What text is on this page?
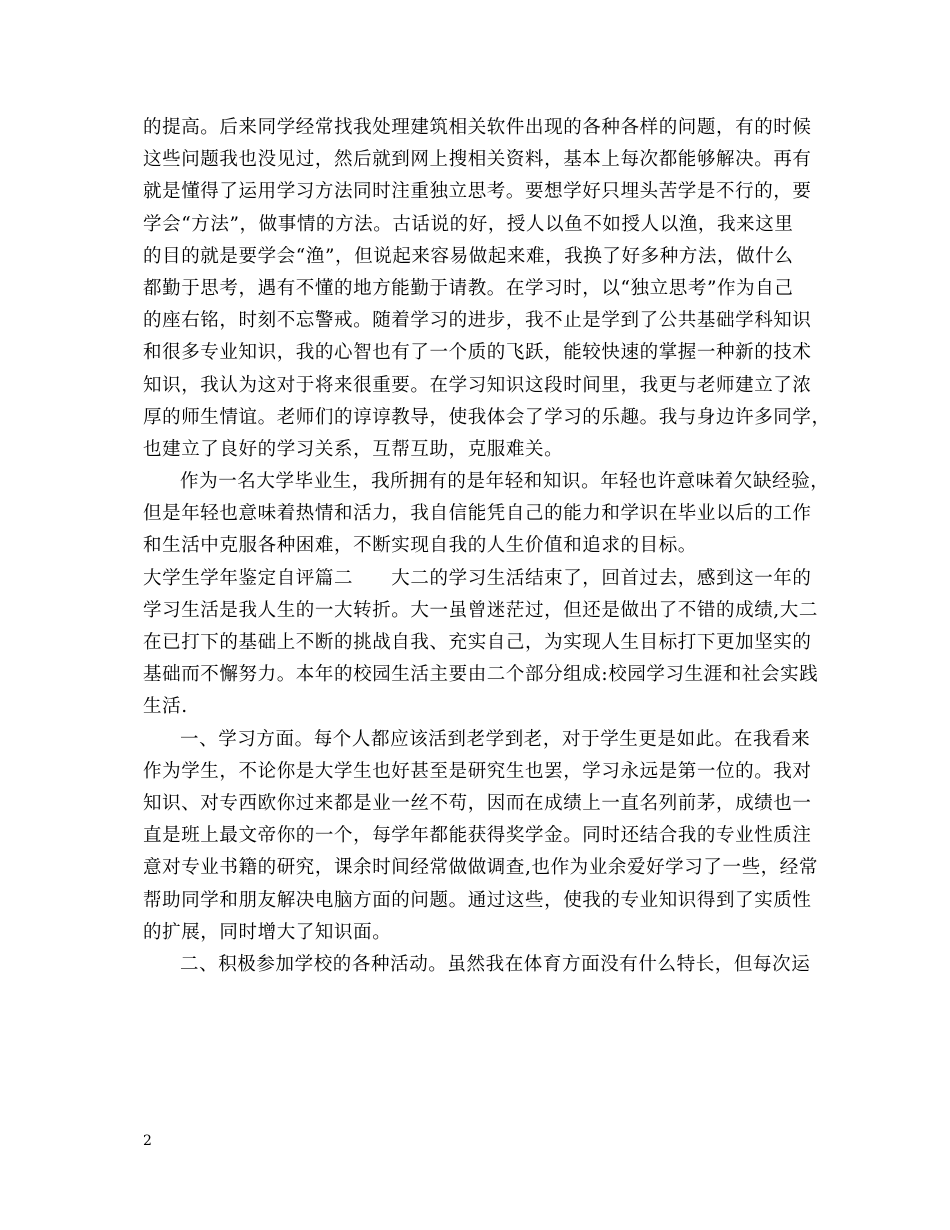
的提高。后来同学经常找我处理建筑相关软件出现的各种各样的问题，有的时候
这些问题我也没见过，然后就到网上搜相关资料，基本上每次都能够解决。再有
就是懂得了运用学习方法同时注重独立思考。要想学好只埋头苦学是不行的，要
学会“方法”，做事情的方法。古话说的好，授人以鱼不如授人以渔，我来这里
的目的就是要学会“渔”，但说起来容易做起来难，我换了好多种方法，做什么
都勤于思考，遇有不懂的地方能勤于请教。在学习时，以“独立思考”作为自己
的座右铭，时刻不忘警戒。随着学习的进步，我不止是学到了公共基础学科知识
和很多专业知识，我的心智也有了一个质的飞跃，能较快速的掌握一种新的技术
知识，我认为这对于将来很重要。在学习知识这段时间里，我更与老师建立了浓
厚的师生情谊。老师们的谆谆教导，使我体会了学习的乐趣。我与身边许多同学，
也建立了良好的学习关系，互帮互助，克服难关。
作为一名大学毕业生，我所拥有的是年轻和知识。年轻也许意味着欠缺经验，
但是年轻也意味着热情和活力，我自信能凭自己的能力和学识在毕业以后的工作
和生活中克服各种困难，不断实现自我的人生价值和追求的目标。
大学生学年鉴定自评篇二　　大二的学习生活结束了，回首过去，感到这一年的
学习生活是我人生的一大转折。大一虽曾迷茫过，但还是做出了不错的成绩,大二
在已打下的基础上不断的挑战自我、充实自己，为实现人生目标打下更加坚实的
基础而不懈努力。本年的校园生活主要由二个部分组成:校园学习生涯和社会实践
生活.
一、学习方面。每个人都应该活到老学到老，对于学生更是如此。在我看来
作为学生，不论你是大学生也好甚至是研究生也罢，学习永远是第一位的。我对
知识、对专西欧你过来都是业一丝不苟，因而在成绩上一直名列前茅，成绩也一
直是班上最文帝你的一个，每学年都能获得奖学金。同时还结合我的专业性质注
意对专业书籍的研究，课余时间经常做做调查,也作为业余爱好学习了一些，经常
帮助同学和朋友解决电脑方面的问题。通过这些，使我的专业知识得到了实质性
的扩展，同时增大了知识面。
二、积极参加学校的各种活动。虽然我在体育方面没有什么特长，但每次运
2
